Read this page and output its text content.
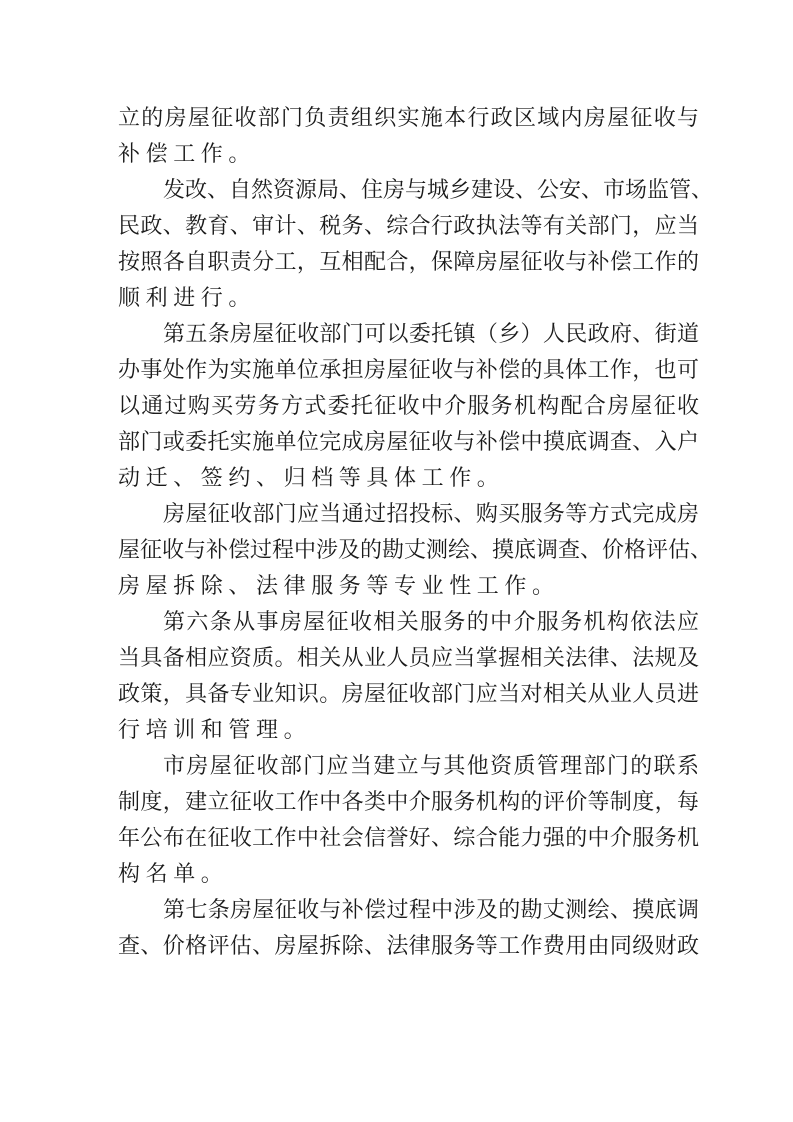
立的房屋征收部门负责组织实施本行政区域内房屋征收与
补偿工作。
发改、自然资源局、住房与城乡建设、公安、市场监管、
民政、教育、审计、税务、综合行政执法等有关部门，应当
按照各自职责分工，互相配合，保障房屋征收与补偿工作的
顺利进行。
第五条房屋征收部门可以委托镇（乡）人民政府、街道
办事处作为实施单位承担房屋征收与补偿的具体工作，也可
以通过购买劳务方式委托征收中介服务机构配合房屋征收
部门或委托实施单位完成房屋征收与补偿中摸底调查、入户
动迁、签约、归档等具体工作。
房屋征收部门应当通过招投标、购买服务等方式完成房
屋征收与补偿过程中涉及的勘丈测绘、摸底调查、价格评估、
房屋拆除、法律服务等专业性工作。
第六条从事房屋征收相关服务的中介服务机构依法应
当具备相应资质。相关从业人员应当掌握相关法律、法规及
政策，具备专业知识。房屋征收部门应当对相关从业人员进
行培训和管理。
市房屋征收部门应当建立与其他资质管理部门的联系
制度，建立征收工作中各类中介服务机构的评价等制度，每
年公布在征收工作中社会信誉好、综合能力强的中介服务机
构名单。
第七条房屋征收与补偿过程中涉及的勘丈测绘、摸底调
查、价格评估、房屋拆除、法律服务等工作费用由同级财政
